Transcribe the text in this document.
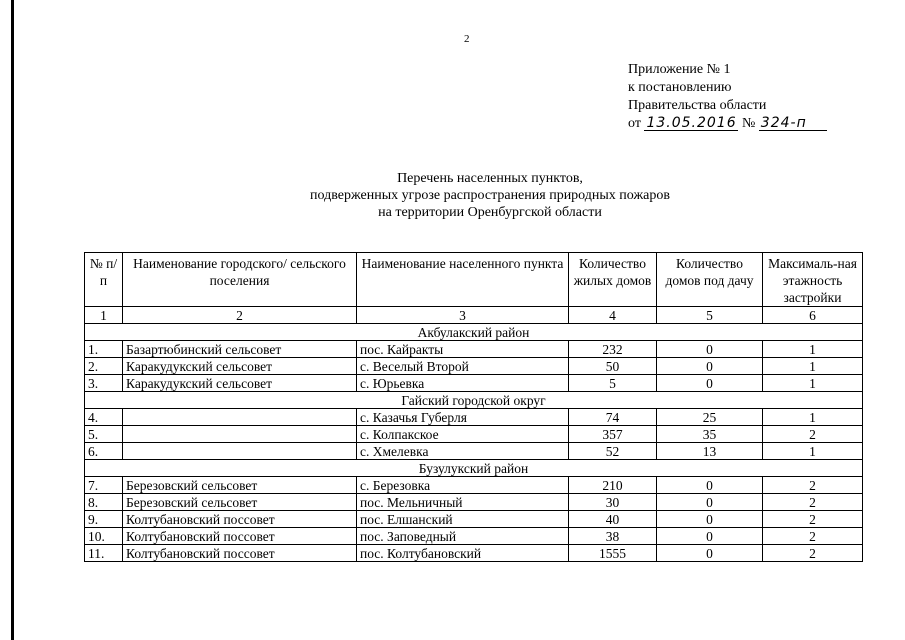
2
Приложение № 1
к постановлению
Правительства области
от 13.05.2016 № 324-п
Перечень населенных пунктов,
подверженных угрозе распространения природных пожаров
на территории Оренбургской области
№ п/п	Наименование городского/ сельского поселения	Наименование населенного пункта	Количество жилых домов	Количество домов под дачу	Максималь-ная этажность застройки
1	2	3	4	5	6
Акбулакский район					
1.	Базартюбинский сельсовет	пос. Кайракты	232	0	1
2.	Каракудукский сельсовет	с. Веселый Второй	50	0	1
3.	Каракудукский сельсовет	с. Юрьевка	5	0	1
Гайский городской округ					
4.		с. Казачья Губерля	74	25	1
5.		с. Колпакское	357	35	2
6.		с. Хмелевка	52	13	1
Бузулукский район					
7.	Березовский сельсовет	с. Березовка	210	0	2
8.	Березовский сельсовет	пос. Мельничный	30	0	2
9.	Колтубановский поссовет	пос. Елшанский	40	0	2
10.	Колтубановский поссовет	пос. Заповедный	38	0	2
11.	Колтубановский поссовет	пос. Колтубановский	1555	0	2
